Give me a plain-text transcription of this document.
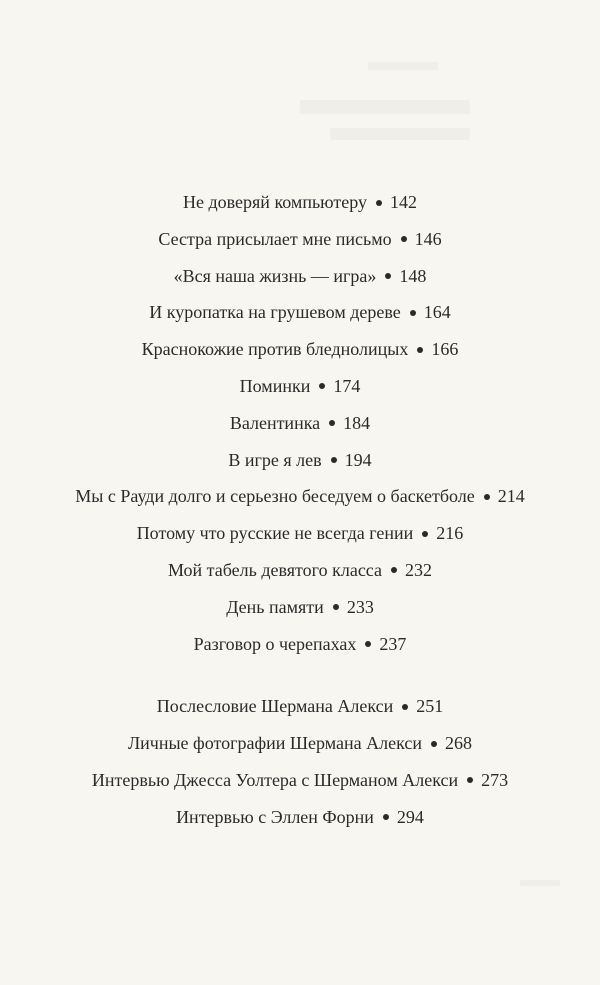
Не доверяй компьютеру 142
Сестра присылает мне письмо 146
«Вся наша жизнь — игра» 148
И куропатка на грушевом дереве 164
Краснокожие против бледнолицых 166
Поминки 174
Валентинка 184
В игре я лев 194
Мы с Рауди долго и серьезно беседуем о баскетболе 214
Потому что русские не всегда гении 216
Мой табель девятого класса 232
День памяти 233
Разговор о черепахах 237
Послесловие Шермана Алекси 251
Личные фотографии Шермана Алекси 268
Интервью Джесса Уолтера с Шерманом Алекси 273
Интервью с Эллен Форни 294
